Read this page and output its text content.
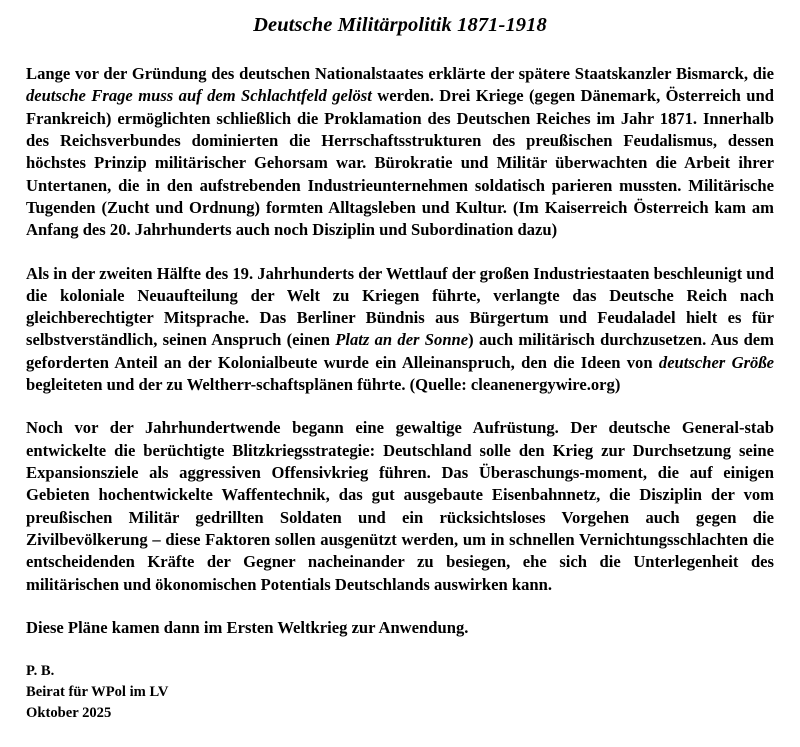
Deutsche Militärpolitik 1871-1918

Lange vor der Gründung des deutschen Nationalstaates erklärte der spätere Staatskanzler Bismarck, die deutsche Frage muss auf dem Schlachtfeld gelöst werden. Drei Kriege (gegen Dänemark, Österreich und Frankreich) ermöglichten schließlich die Proklamation des Deutschen Reiches im Jahr 1871. Innerhalb des Reichsverbundes dominierten die Herrschaftsstrukturen des preußischen Feudalismus, dessen höchstes Prinzip militärischer Gehorsam war. Bürokratie und Militär überwachten die Arbeit ihrer Untertanen, die in den aufstrebenden Industrieunternehmen soldatisch parieren mussten. Militärische Tugenden (Zucht und Ordnung) formten Alltagsleben und Kultur. (Im Kaiserreich Österreich kam am Anfang des 20. Jahrhunderts auch noch Disziplin und Subordination dazu)

Als in der zweiten Hälfte des 19. Jahrhunderts der Wettlauf der großen Industriestaaten beschleunigt und die koloniale Neuaufteilung der Welt zu Kriegen führte, verlangte das Deutsche Reich nach gleichberechtigter Mitsprache. Das Berliner Bündnis aus Bürgertum und Feudaladel hielt es für selbstverständlich, seinen Anspruch (einen Platz an der Sonne) auch militärisch durchzusetzen. Aus dem geforderten Anteil an der Kolonialbeute wurde ein Alleinanspruch, den die Ideen von deutscher Größe begleiteten und der zu Weltherr-schaftsplänen führte. (Quelle: cleanenergywire.org)

Noch vor der Jahrhundertwende begann eine gewaltige Aufrüstung. Der deutsche General-stab entwickelte die berüchtigte Blitzkriegsstrategie: Deutschland solle den Krieg zur Durchsetzung seine Expansionsziele als aggressiven Offensivkrieg führen. Das Überaschungs-moment, die auf einigen Gebieten hochentwickelte Waffentechnik, das gut ausgebaute Eisenbahnnetz, die Disziplin der vom preußischen Militär gedrillten Soldaten und ein rücksichtsloses Vorgehen auch gegen die Zivilbevölkerung – diese Faktoren sollen ausgenützt werden, um in schnellen Vernichtungsschlachten die entscheidenden Kräfte der Gegner nacheinander zu besiegen, ehe sich die Unterlegenheit des militärischen und ökonomischen Potentials Deutschlands auswirken kann.

Diese Pläne kamen dann im Ersten Weltkrieg zur Anwendung.

P. B.
Beirat für WPol im LV
Oktober 2025
